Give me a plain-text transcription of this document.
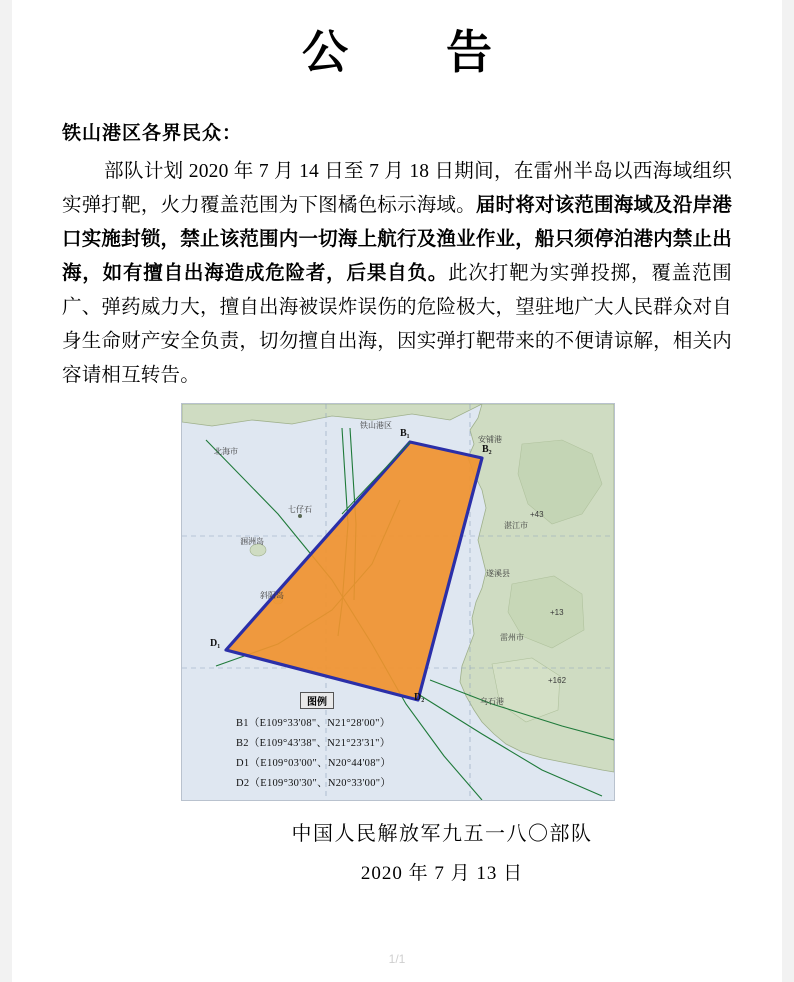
公　告
铁山港区各界民众：
部队计划 2020 年 7 月 14 日至 7 月 18 日期间，在雷州半岛以西海域组织实弹打靶，火力覆盖范围为下图橘色标示海域。届时将对该范围海域及沿岸港口实施封锁，禁止该范围内一切海上航行及渔业作业，船只须停泊港内禁止出海，如有擅自出海造成危险者，后果自负。此次打靶为实弹投掷，覆盖范围广、弹药威力大，擅自出海被误炸误伤的危险极大，望驻地广大人民群众对自身生命财产安全负责，切勿擅自出海，因实弹打靶带来的不便请谅解，相关内容请相互转告。
B₁
B₂
D₁
D₂
北海市
铁山港区
涠洲岛
斜阳岛
七仔石
安铺港
湛江市
遂溪县
雷州市
乌石港
+43
+13
+162
图例
B1（E109°33'08"、N21°28'00"）
B2（E109°43'38"、N21°23'31"）
D1（E109°03'00"、N20°44'08"）
D2（E109°30'30"、N20°33'00"）
中国人民解放军九五一八〇部队
2020 年 7 月 13 日
1/1
